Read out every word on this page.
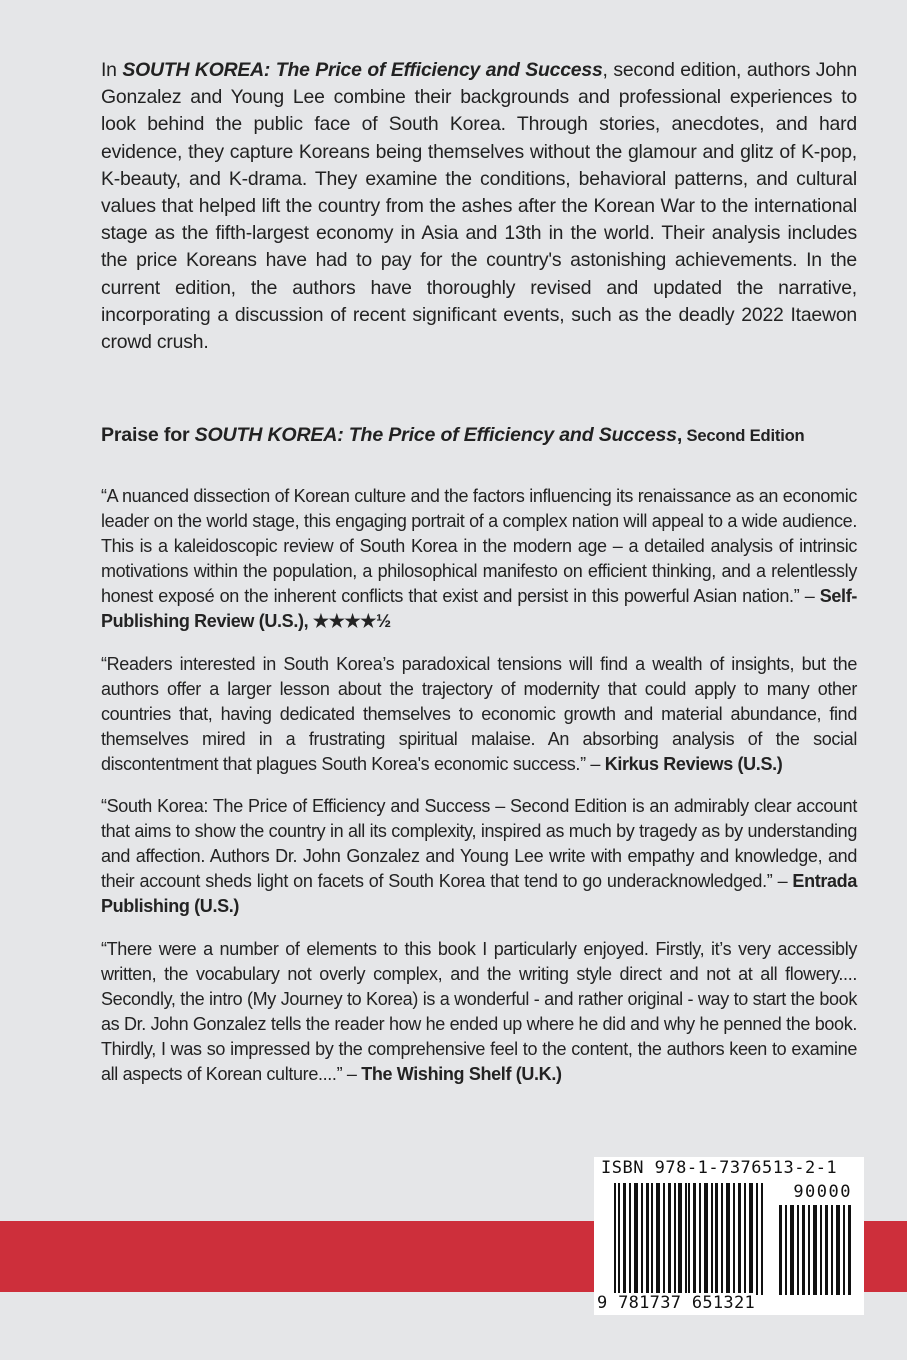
In SOUTH KOREA: The Price of Efficiency and Success, second edition, authors John Gonzalez and Young Lee combine their backgrounds and professional experiences to look behind the public face of South Korea. Through stories, anecdotes, and hard evidence, they capture Koreans being themselves without the glamour and glitz of K-pop, K-beauty, and K-drama. They examine the conditions, behavioral patterns, and cultural values that helped lift the country from the ashes after the Korean War to the international stage as the fifth-largest economy in Asia and 13th in the world. Their analysis includes the price Koreans have had to pay for the country's astonishing achievements. In the current edition, the authors have thoroughly revised and updated the narrative, incorporating a discussion of recent significant events, such as the deadly 2022 Itaewon crowd crush.

Praise for SOUTH KOREA: The Price of Efficiency and Success, Second Edition

“A nuanced dissection of Korean culture and the factors influencing its renaissance as an economic leader on the world stage, this engaging portrait of a complex nation will appeal to a wide audience. This is a kaleidoscopic review of South Korea in the modern age – a detailed analysis of intrinsic motivations within the population, a philosophical manifesto on efficient thinking, and a relentlessly honest exposé on the inherent conflicts that exist and persist in this powerful Asian nation.” – Self-Publishing Review (U.S.), ★★★★½

“Readers interested in South Korea’s paradoxical tensions will find a wealth of insights, but the authors offer a larger lesson about the trajectory of modernity that could apply to many other countries that, having dedicated themselves to economic growth and material abundance, find themselves mired in a frustrating spiritual malaise. An absorbing analysis of the social discontentment that plagues South Korea's economic success.” – Kirkus Reviews (U.S.)

“South Korea: The Price of Efficiency and Success – Second Edition is an admirably clear account that aims to show the country in all its complexity, inspired as much by tragedy as by understanding and affection. Authors Dr. John Gonzalez and Young Lee write with empathy and knowledge, and their account sheds light on facets of South Korea that tend to go underacknowledged.” – Entrada Publishing (U.S.)

“There were a number of elements to this book I particularly enjoyed. Firstly, it’s very accessibly written, the vocabulary not overly complex, and the writing style direct and not at all flowery.... Secondly, the intro (My Journey to Korea) is a wonderful - and rather original - way to start the book as Dr. John Gonzalez tells the reader how he ended up where he did and why he penned the book. Thirdly, I was so impressed by the comprehensive feel to the content, the authors keen to examine all aspects of Korean culture....” – The Wishing Shelf (U.K.)

ISBN 978-1-7376513-2-1
90000
9 781737 651321
